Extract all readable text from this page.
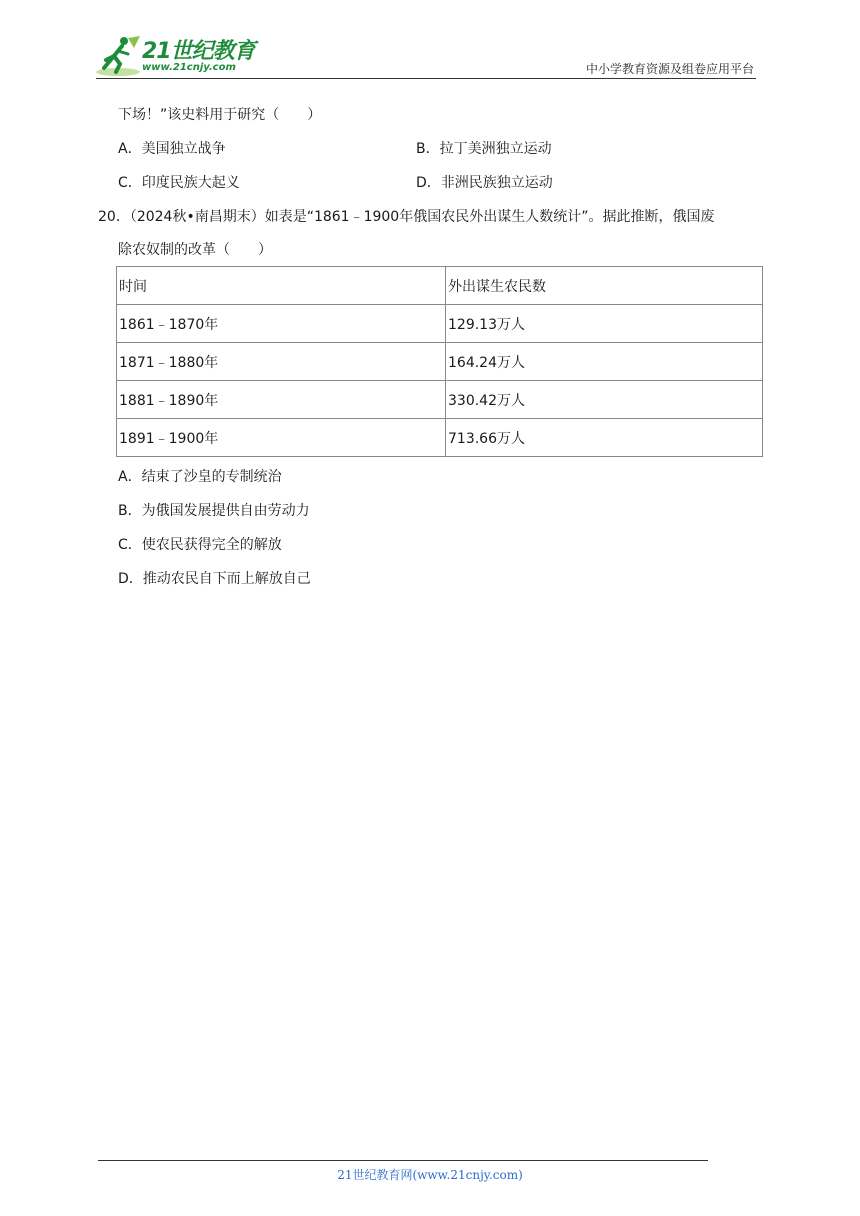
21世纪教育
www.21cnjy.com	中小学教育资源及组卷应用平台
下场！”该史料用于研究（　　）
A．美国独立战争	B．拉丁美洲独立运动
C．印度民族大起义	D．非洲民族独立运动
20．（2024秋•南昌期末）如表是“1861﹣1900年俄国农民外出谋生人数统计”。据此推断，俄国废
除农奴制的改革（　　）
时间	外出谋生农民数
1861﹣1870年	129.13万人
1871﹣1880年	164.24万人
1881﹣1890年	330.42万人
1891﹣1900年	713.66万人
A．结束了沙皇的专制统治
B．为俄国发展提供自由劳动力
C．使农民获得完全的解放
D．推动农民自下而上解放自己
21世纪教育网(www.21cnjy.com)
